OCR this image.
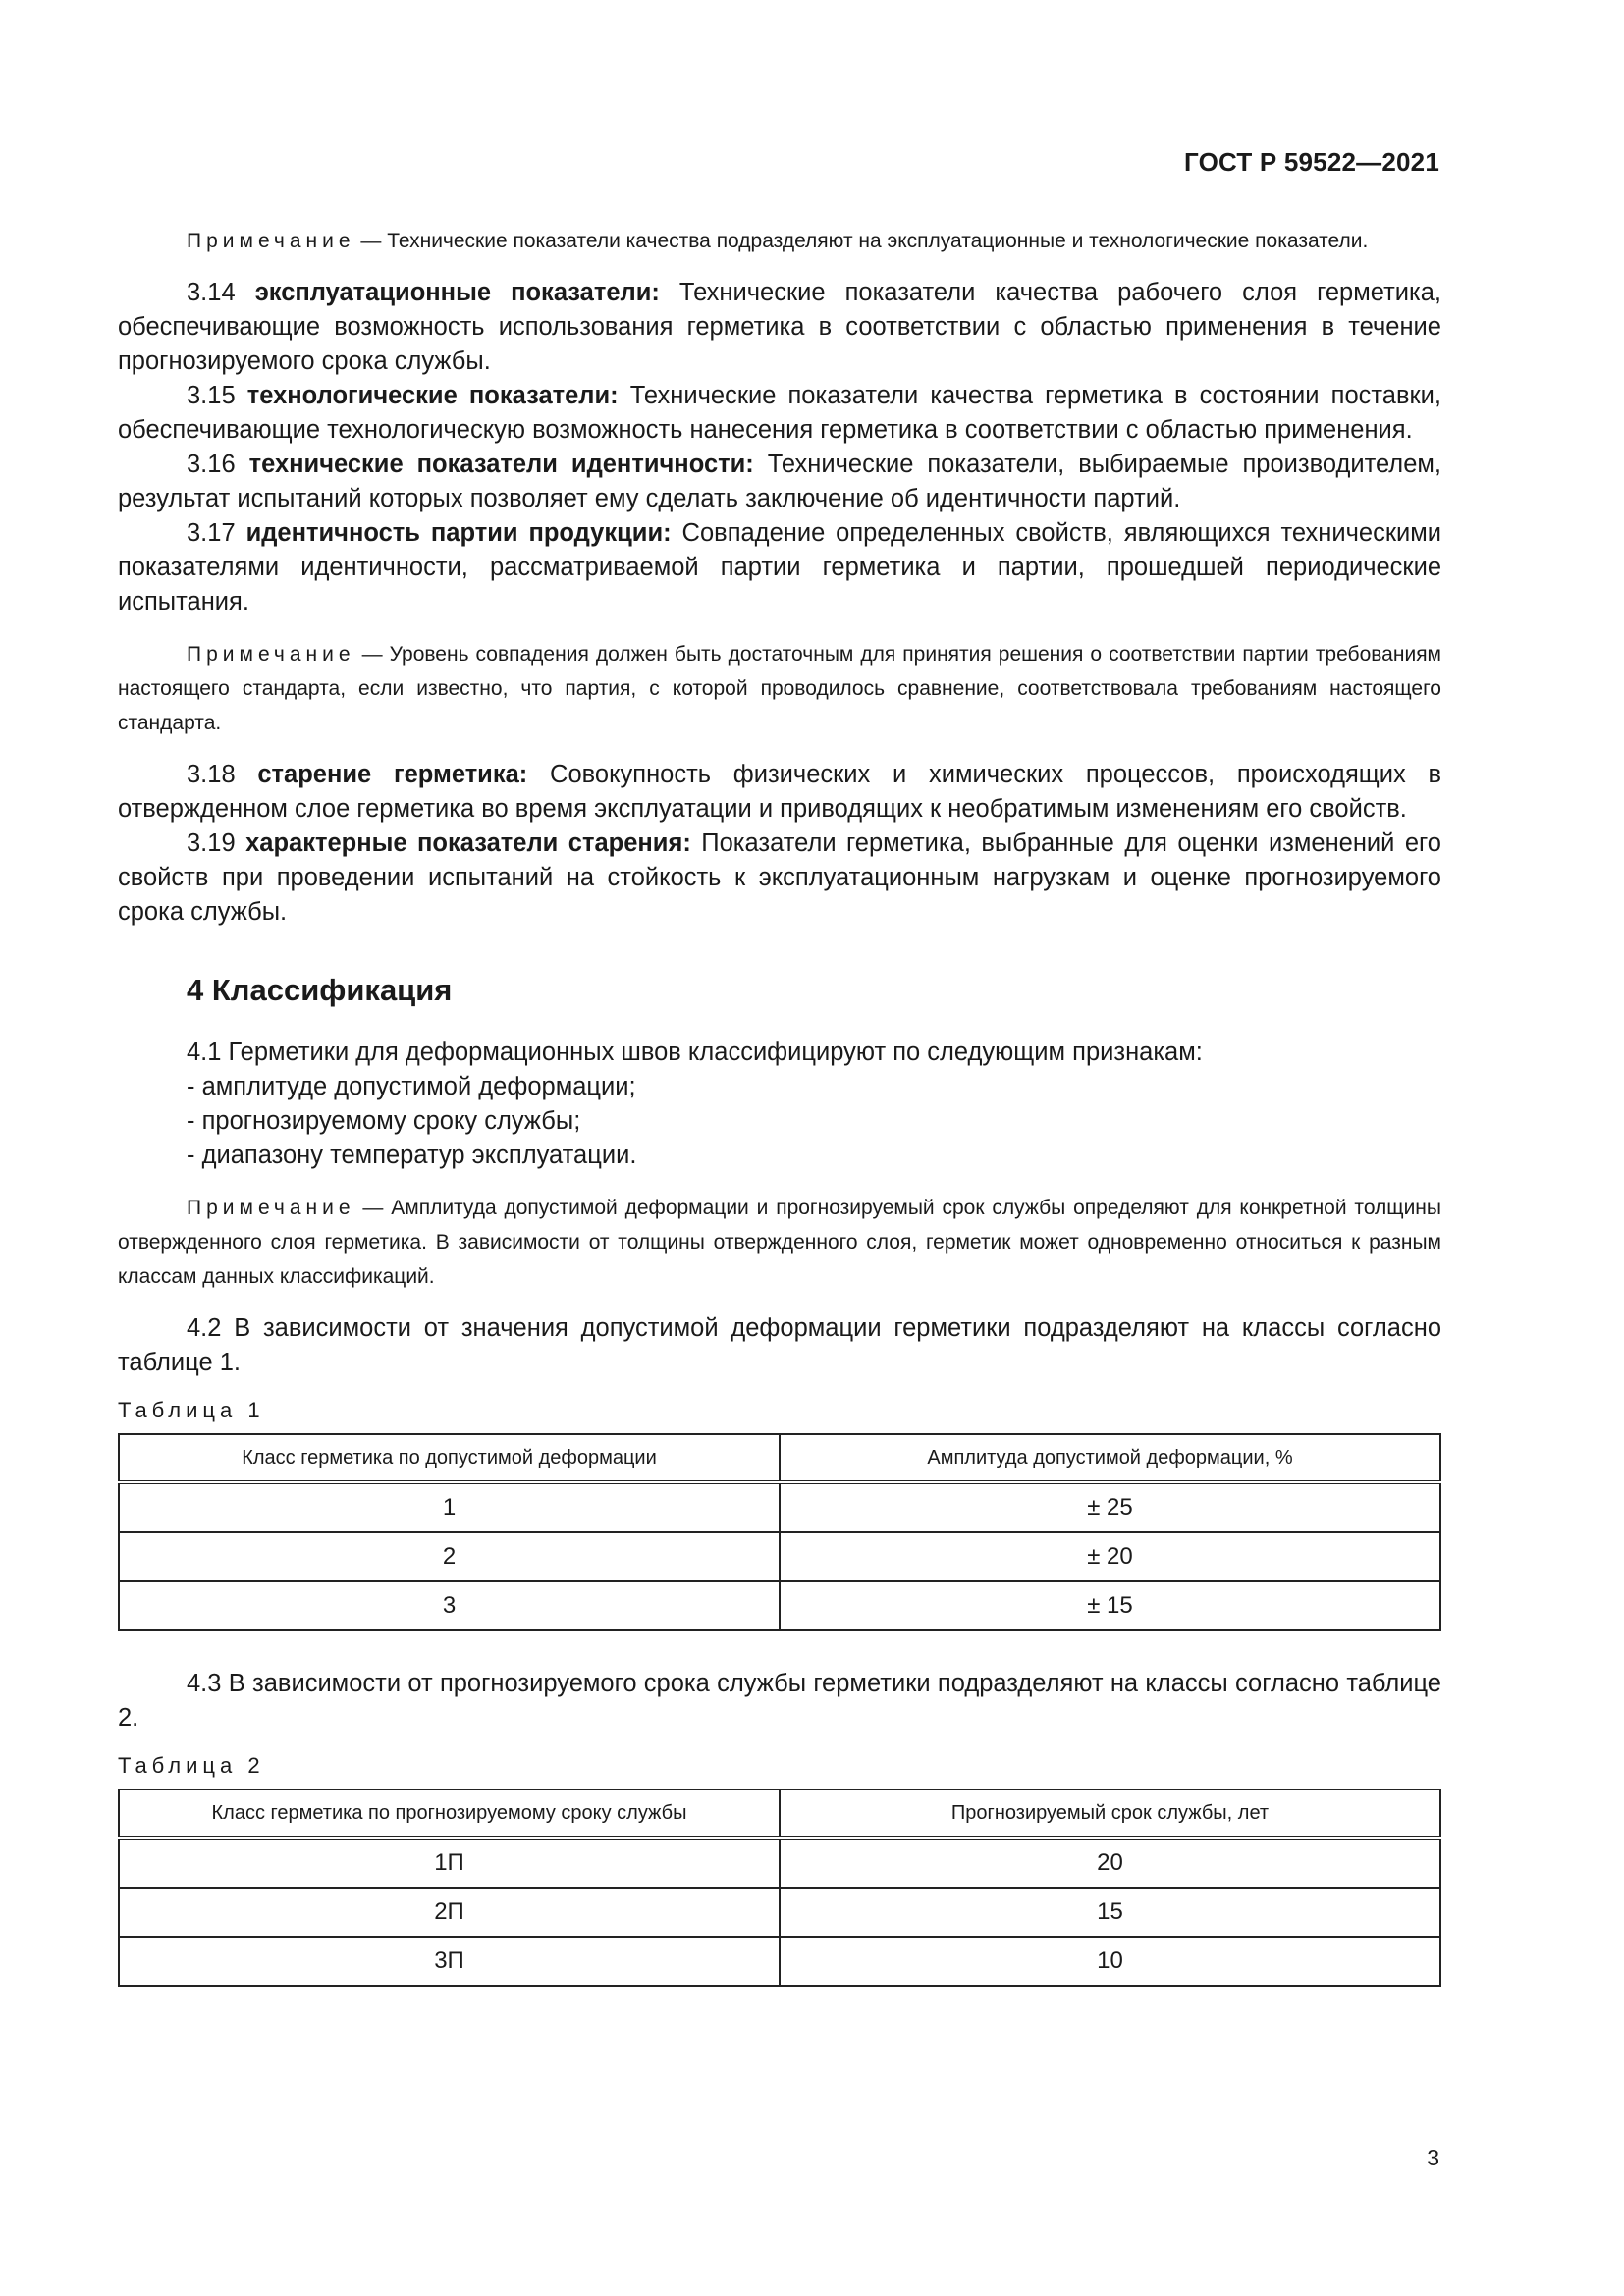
ГОСТ Р 59522—2021

Примечание — Технические показатели качества подразделяют на эксплуатационные и технологические показатели.

3.14 эксплуатационные показатели: Технические показатели качества рабочего слоя герметика, обеспечивающие возможность использования герметика в соответствии с областью применения в течение прогнозируемого срока службы.

3.15 технологические показатели: Технические показатели качества герметика в состоянии поставки, обеспечивающие технологическую возможность нанесения герметика в соответствии с областью применения.

3.16 технические показатели идентичности: Технические показатели, выбираемые производителем, результат испытаний которых позволяет ему сделать заключение об идентичности партий.

3.17 идентичность партии продукции: Совпадение определенных свойств, являющихся техническими показателями идентичности, рассматриваемой партии герметика и партии, прошедшей периодические испытания.

Примечание — Уровень совпадения должен быть достаточным для принятия решения о соответствии партии требованиям настоящего стандарта, если известно, что партия, с которой проводилось сравнение, соответствовала требованиям настоящего стандарта.

3.18 старение герметика: Совокупность физических и химических процессов, происходящих в отвержденном слое герметика во время эксплуатации и приводящих к необратимым изменениям его свойств.

3.19 характерные показатели старения: Показатели герметика, выбранные для оценки изменений его свойств при проведении испытаний на стойкость к эксплуатационным нагрузкам и оценке прогнозируемого срока службы.

4 Классификация

4.1 Герметики для деформационных швов классифицируют по следующим признакам:

- амплитуде допустимой деформации;

- прогнозируемому сроку службы;

- диапазону температур эксплуатации.

Примечание — Амплитуда допустимой деформации и прогнозируемый срок службы определяют для конкретной толщины отвержденного слоя герметика. В зависимости от толщины отвержденного слоя, герметик может одновременно относиться к разным классам данных классификаций.

4.2 В зависимости от значения допустимой деформации герметики подразделяют на классы согласно таблице 1.

Таблица 1
Класс герметика по допустимой деформации	Амплитуда допустимой деформации, %
1	± 25
2	± 20
3	± 15

4.3 В зависимости от прогнозируемого срока службы герметики подразделяют на классы согласно таблице 2.

Таблица 2
Класс герметика по прогнозируемому сроку службы	Прогнозируемый срок службы, лет
1П	20
2П	15
3П	10
3
